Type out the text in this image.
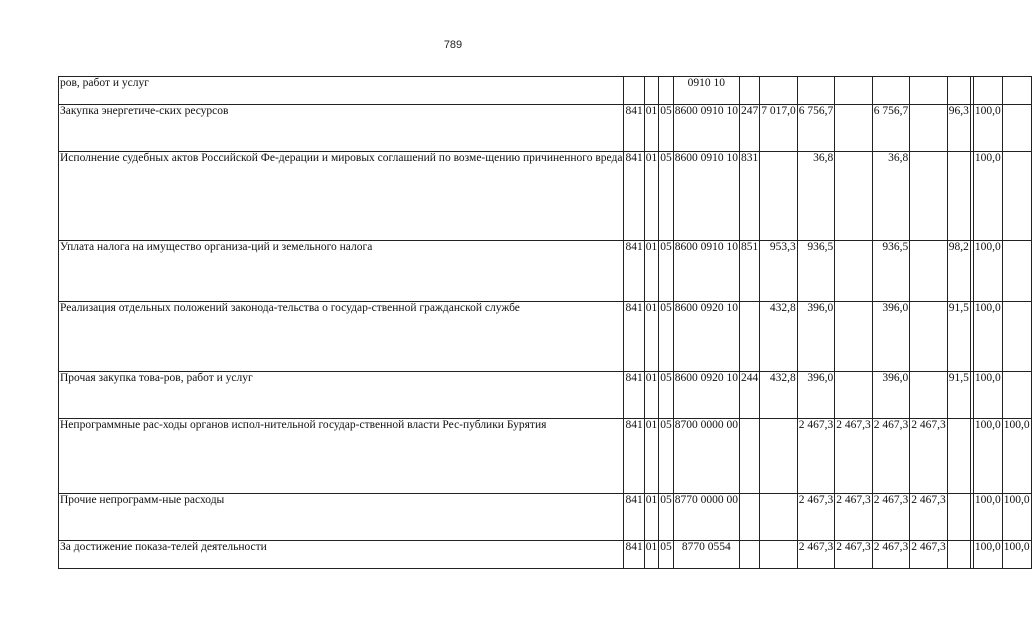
789
ров, работ и услуг				0910 10										
Закупка энергетиче-ских ресурсов	841	01	05	8600 0910 10	247	7 017,0	6 756,7		6 756,7		96,3		100,0	
Исполнение судебных актов Российской Фе-дерации и мировых соглашений по возме-щению причиненного вреда	841	01	05	8600 0910 10	831		36,8		36,8				100,0	
Уплата налога на имущество организа-ций и земельного налога	841	01	05	8600 0910 10	851	953,3	936,5		936,5		98,2		100,0	
Реализация отдельных положений законода-тельства о государ-ственной гражданской службе	841	01	05	8600 0920 10		432,8	396,0		396,0		91,5		100,0	
Прочая закупка това-ров, работ и услуг	841	01	05	8600 0920 10	244	432,8	396,0		396,0		91,5		100,0	
Непрограммные рас-ходы органов испол-нительной государ-ственной власти Рес-публики Бурятия	841	01	05	8700 0000 00			2 467,3	2 467,3	2 467,3	2 467,3			100,0	100,0
Прочие непрограмм-ные расходы	841	01	05	8770 0000 00			2 467,3	2 467,3	2 467,3	2 467,3			100,0	100,0
За достижение показа-телей деятельности	841	01	05	8770 0554			2 467,3	2 467,3	2 467,3	2 467,3			100,0	100,0
